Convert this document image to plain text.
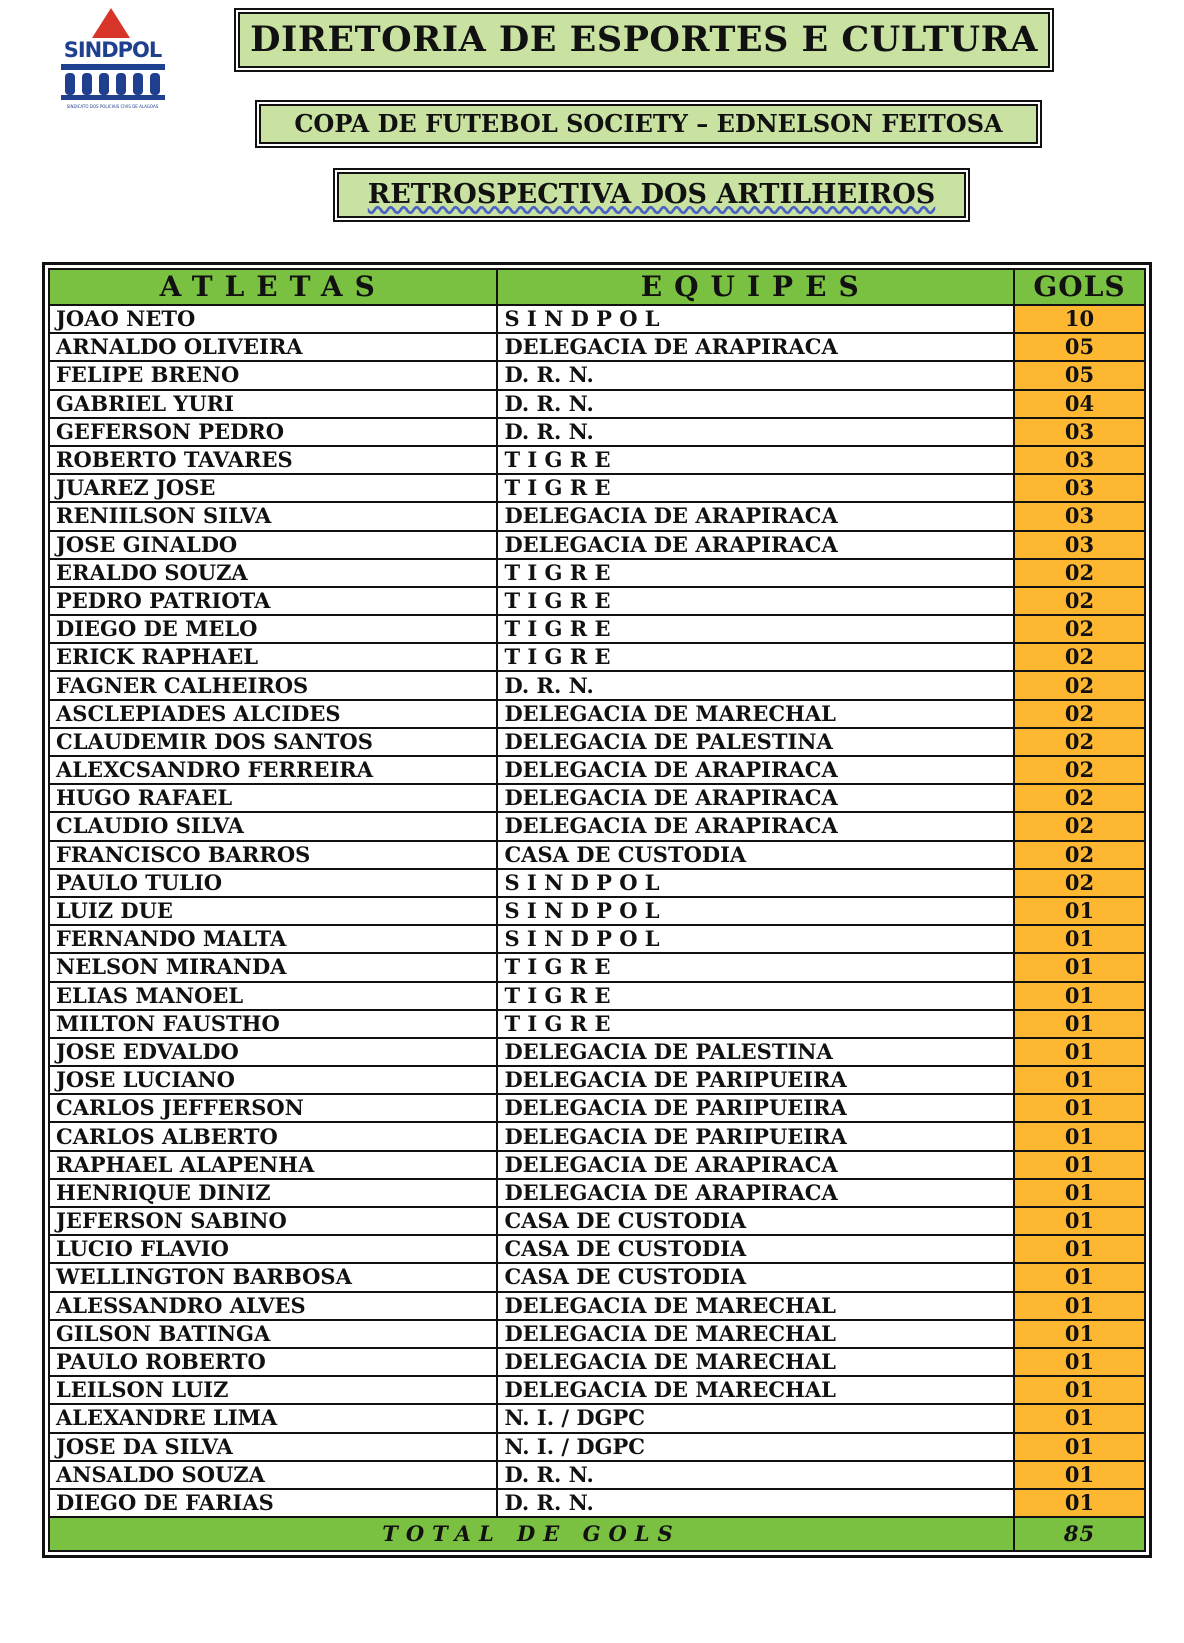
SINDPOL
SINDICATO DOS POLICIAIS CIVIS DE ALAGOAS
DIRETORIA DE ESPORTES E CULTURA
COPA DE FUTEBOL SOCIETY – EDNELSON FEITOSA
RETROSPECTIVA DOS ARTILHEIROS
ATLETAS	EQUIPES	GOLS
JOAO NETO	S I N D P O L	10
ARNALDO OLIVEIRA	DELEGACIA DE ARAPIRACA	05
FELIPE BRENO	D. R. N.	05
GABRIEL YURI	D. R. N.	04
GEFERSON PEDRO	D. R. N.	03
ROBERTO TAVARES	T I G R E	03
JUAREZ JOSE	T I G R E	03
RENIILSON SILVA	DELEGACIA DE ARAPIRACA	03
JOSE GINALDO	DELEGACIA DE ARAPIRACA	03
ERALDO SOUZA	T I G R E	02
PEDRO PATRIOTA	T I G R E	02
DIEGO DE MELO	T I G R E	02
ERICK RAPHAEL	T I G R E	02
FAGNER CALHEIROS	D. R. N.	02
ASCLEPIADES ALCIDES	DELEGACIA DE MARECHAL	02
CLAUDEMIR DOS SANTOS	DELEGACIA DE PALESTINA	02
ALEXCSANDRO FERREIRA	DELEGACIA DE ARAPIRACA	02
HUGO RAFAEL	DELEGACIA DE ARAPIRACA	02
CLAUDIO SILVA	DELEGACIA DE ARAPIRACA	02
FRANCISCO BARROS	CASA DE CUSTODIA	02
PAULO TULIO	S I N D P O L	02
LUIZ DUE	S I N D P O L	01
FERNANDO MALTA	S I N D P O L	01
NELSON MIRANDA	T I G R E	01
ELIAS MANOEL	T I G R E	01
MILTON FAUSTHO	T I G R E	01
JOSE EDVALDO	DELEGACIA DE PALESTINA	01
JOSE LUCIANO	DELEGACIA DE PARIPUEIRA	01
CARLOS JEFFERSON	DELEGACIA DE PARIPUEIRA	01
CARLOS ALBERTO	DELEGACIA DE PARIPUEIRA	01
RAPHAEL ALAPENHA	DELEGACIA DE ARAPIRACA	01
HENRIQUE DINIZ	DELEGACIA DE ARAPIRACA	01
JEFERSON SABINO	CASA DE CUSTODIA	01
LUCIO FLAVIO	CASA DE CUSTODIA	01
WELLINGTON BARBOSA	CASA DE CUSTODIA	01
ALESSANDRO ALVES	DELEGACIA DE MARECHAL	01
GILSON BATINGA	DELEGACIA DE MARECHAL	01
PAULO ROBERTO	DELEGACIA DE MARECHAL	01
LEILSON LUIZ	DELEGACIA DE MARECHAL	01
ALEXANDRE LIMA	N. I. / DGPC	01
JOSE DA SILVA	N. I. / DGPC	01
ANSALDO SOUZA	D. R. N.	01
DIEGO DE FARIAS	D. R. N.	01
TOTAL DE GOLS		85
